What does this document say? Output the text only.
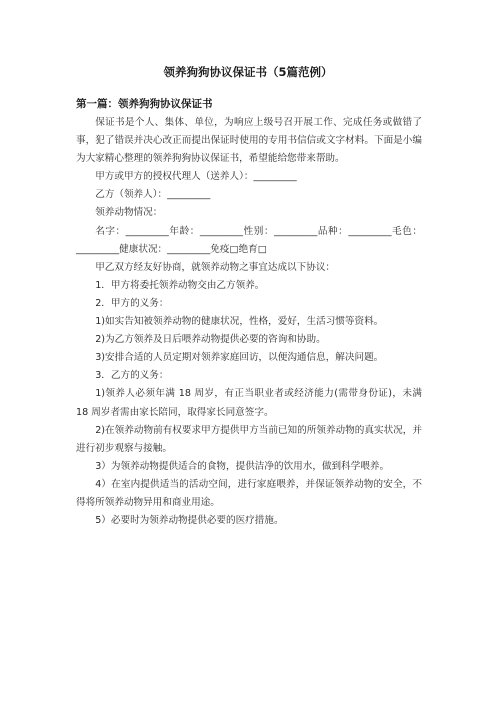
领养狗狗协议保证书（5篇范例）
第一篇：领养狗狗协议保证书

保证书是个人、集体、单位，为响应上级号召开展工作、完成任务或做错了事，犯了错误并决心改正而提出保证时使用的专用书信信或文字材料。下面是小编为大家精心整理的领养狗狗协议保证书，希望能给您带来帮助。

甲方或甲方的授权代理人（送养人）：_________

乙方（领养人）：_________

领养动物情况：

名字：_________年龄：_________性别：_________品种：_________毛色：_________健康状况：_________免疫□绝育□

甲乙双方经友好协商，就领养动物之事宜达成以下协议：

1．甲方将委托领养动物交由乙方领养。

2．甲方的义务：

1)如实告知被领养动物的健康状况，性格，爱好，生活习惯等资料。

2)为乙方领养及日后喂养动物提供必要的咨询和协助。

3)安排合适的人员定期对领养家庭回访，以便沟通信息，解决问题。

3．乙方的义务：

1)领养人必须年满 18 周岁，有正当职业者或经济能力(需带身份证)，未满 18 周岁者需由家长陪同，取得家长同意签字。

2)在领养动物前有权要求甲方提供甲方当前已知的所领养动物的真实状况，并进行初步观察与接触。

3）为领养动物提供适合的食物，提供洁净的饮用水，做到科学喂养。

4）在室内提供适当的活动空间，进行家庭喂养，并保证领养动物的安全，不得将所领养动物异用和商业用途。

5）必要时为领养动物提供必要的医疗措施。
